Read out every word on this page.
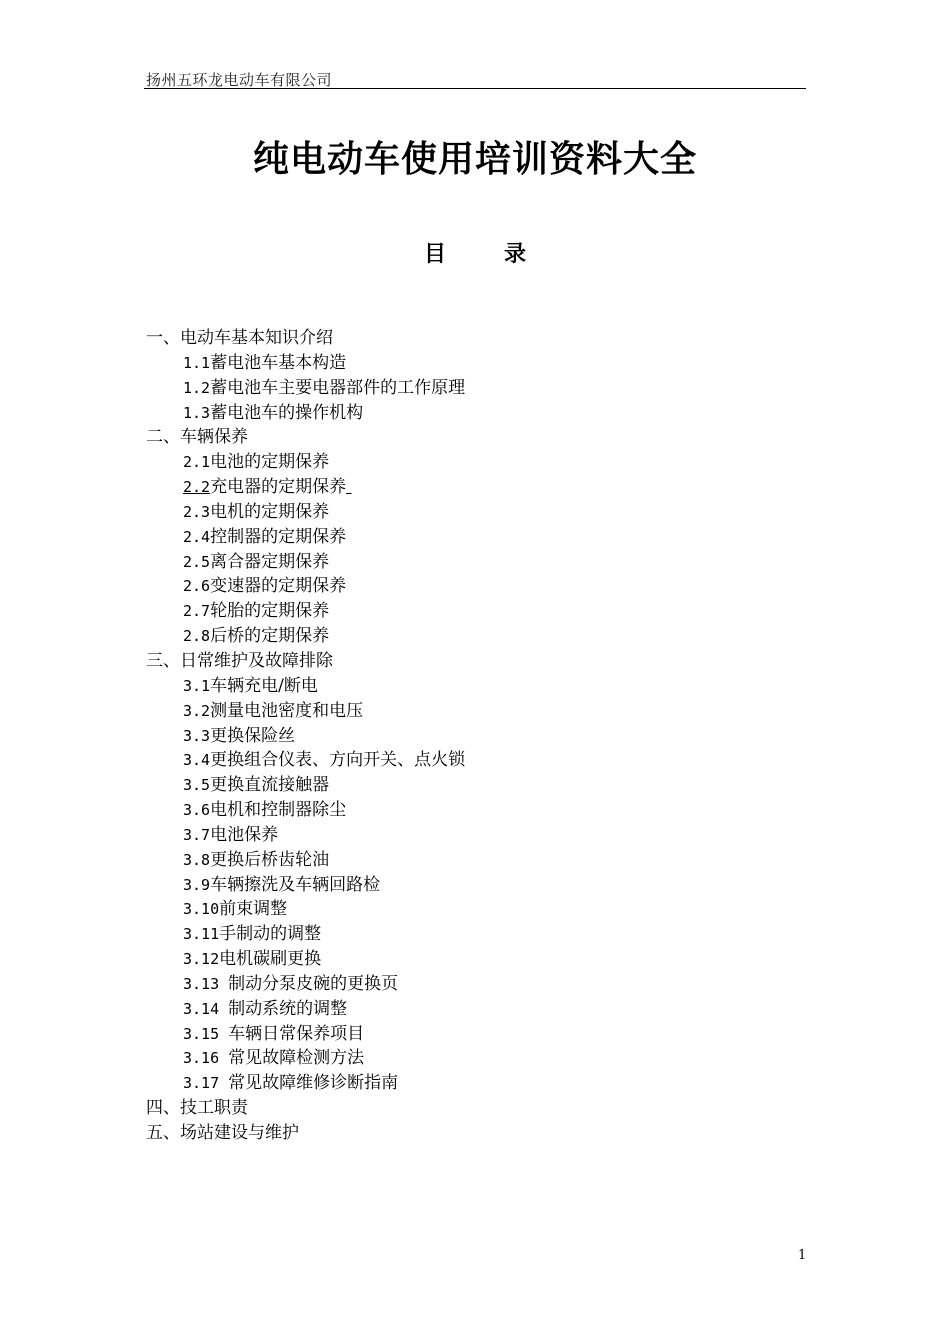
扬州五环龙电动车有限公司
纯电动车使用培训资料大全
目录
一、电动车基本知识介绍
1.1蓄电池车基本构造
1.2蓄电池车主要电器部件的工作原理
1.3蓄电池车的操作机构
二、车辆保养
2.1电池的定期保养
2.2充电器的定期保养
2.3电机的定期保养
2.4控制器的定期保养
2.5离合器定期保养
2.6变速器的定期保养
2.7轮胎的定期保养
2.8后桥的定期保养
三、日常维护及故障排除
3.1车辆充电/断电
3.2测量电池密度和电压
3.3更换保险丝
3.4更换组合仪表、方向开关、点火锁
3.5更换直流接触器
3.6电机和控制器除尘
3.7电池保养
3.8更换后桥齿轮油
3.9车辆擦洗及车辆回路检
3.10前束调整
3.11手制动的调整
3.12电机碳刷更换
3.13 制动分泵皮碗的更换页
3.14 制动系统的调整
3.15 车辆日常保养项目
3.16 常见故障检测方法
3.17 常见故障维修诊断指南
四、技工职责
五、场站建设与维护
1
